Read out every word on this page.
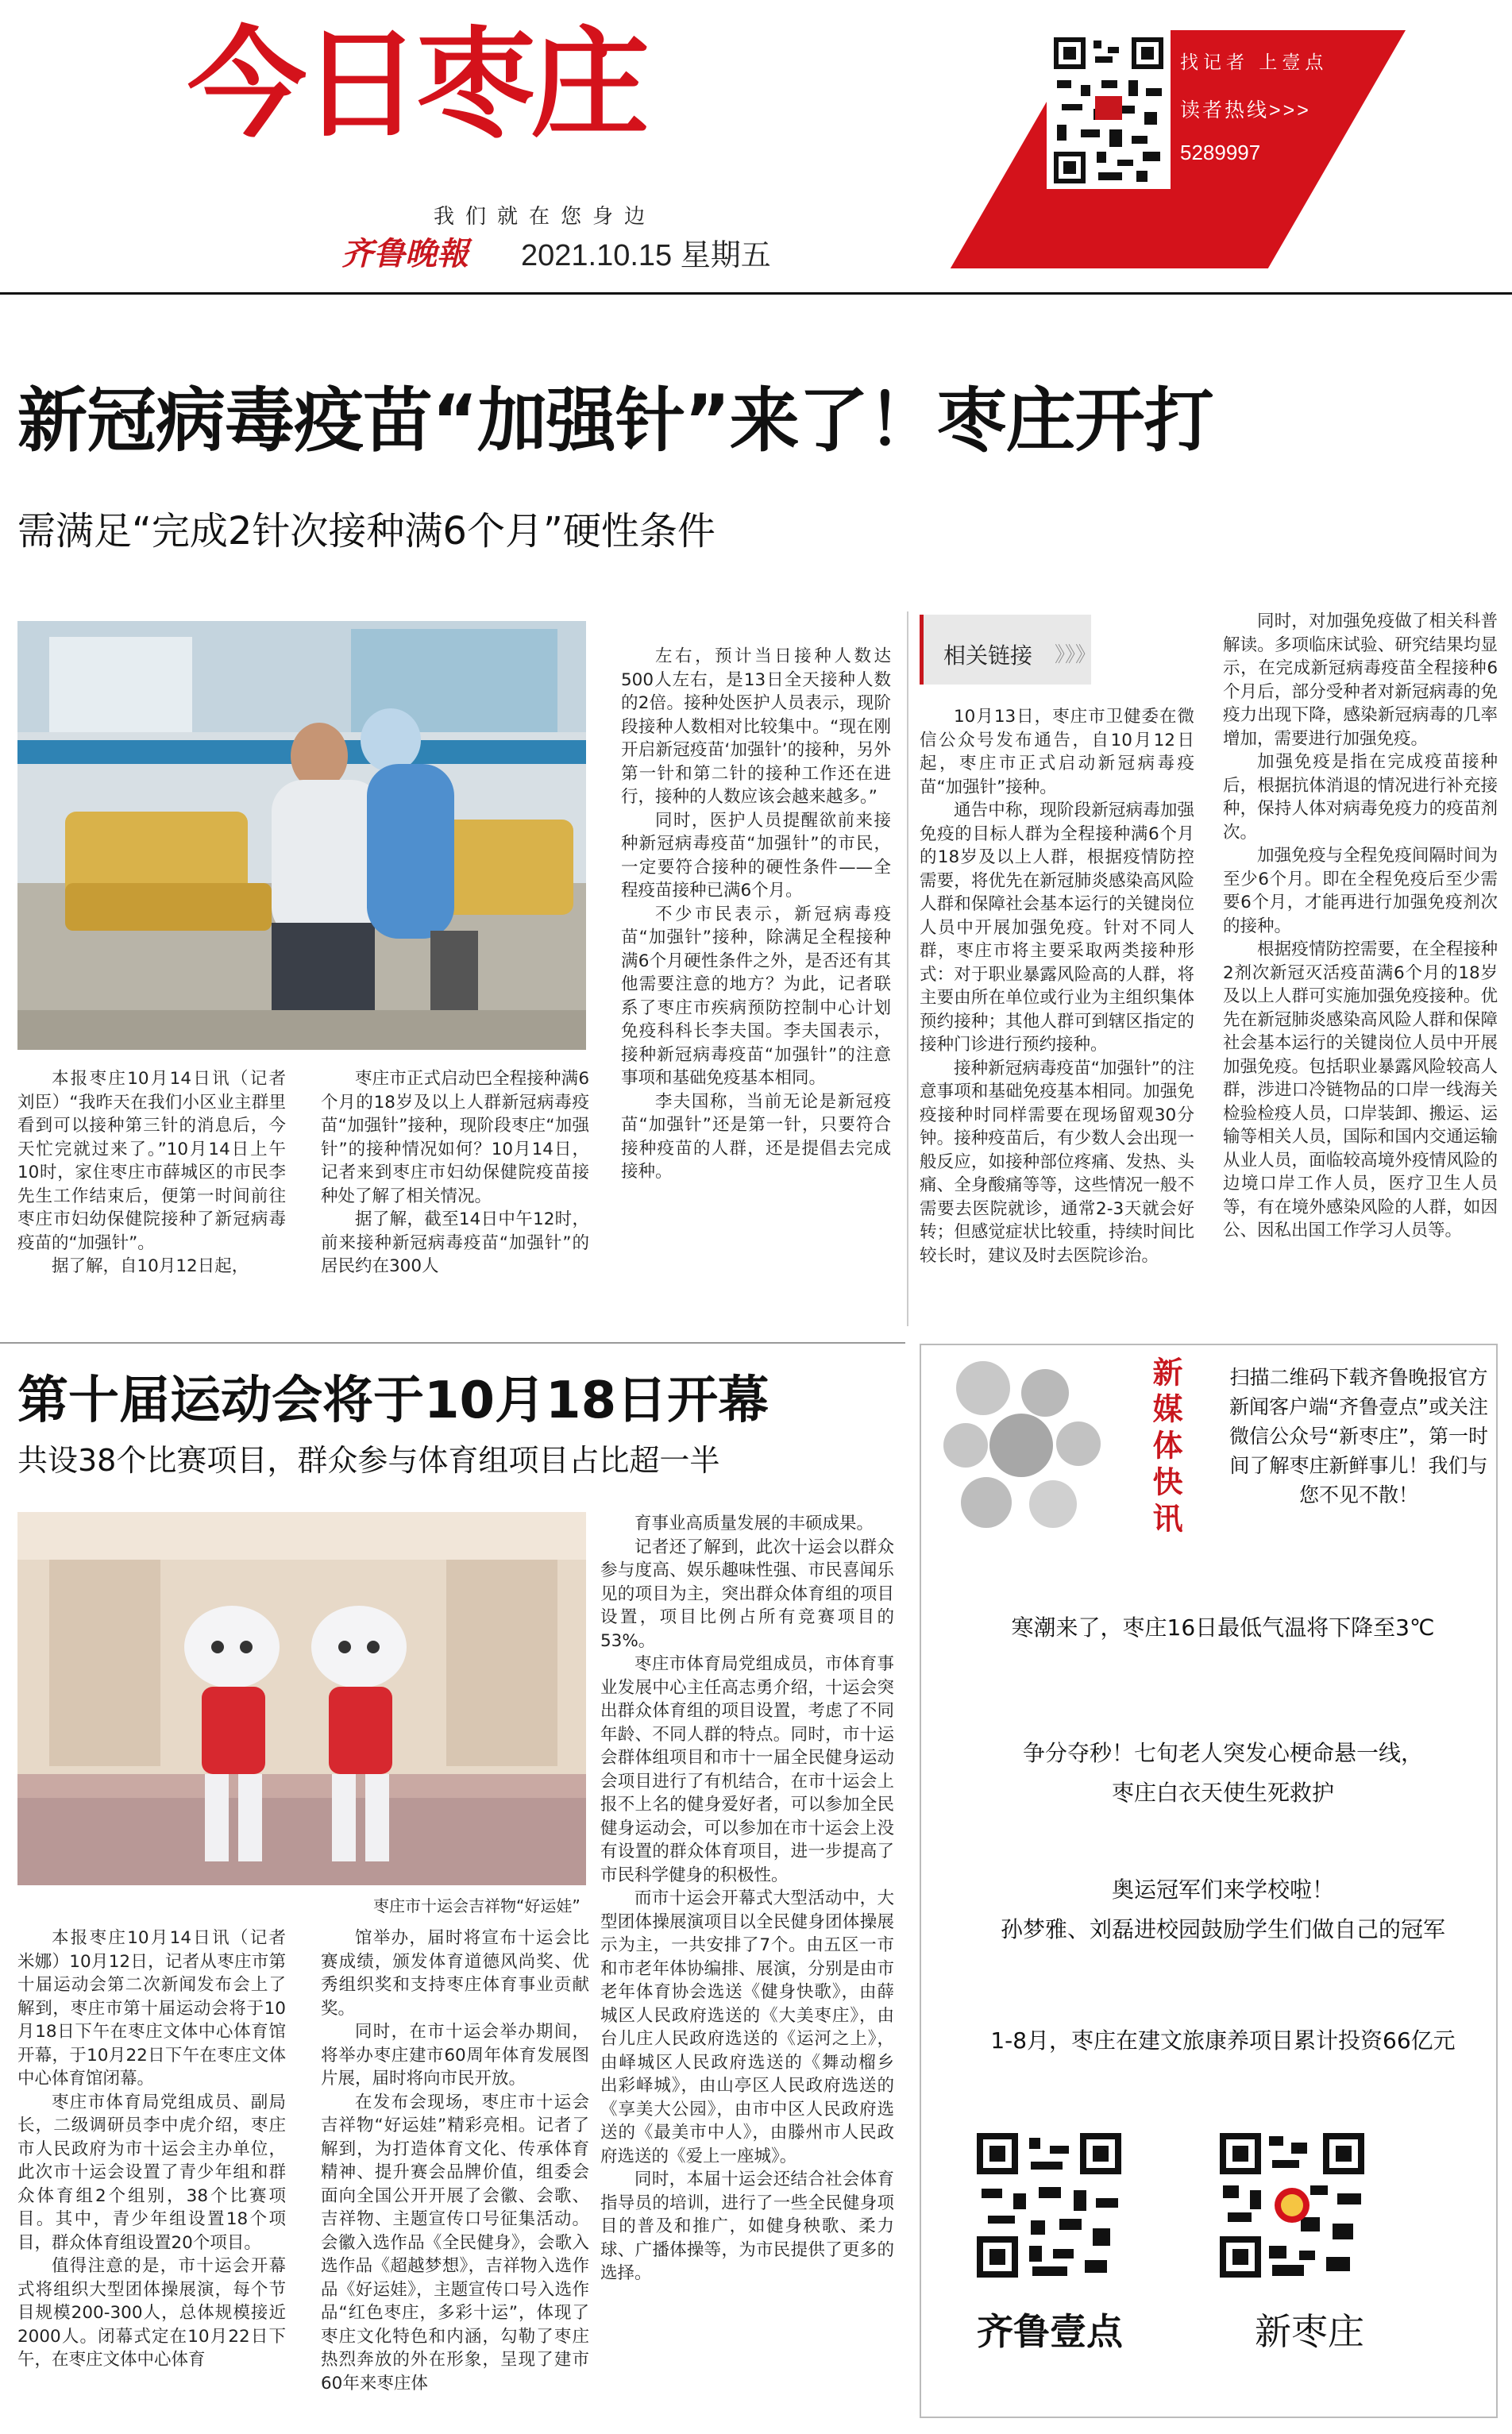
今日枣庄
我们就在您身边
齐鲁晚報 2021.10.15 星期五
找记者 上壹点
读者热线>>>
5289997
新冠病毒疫苗“加强针”来了！枣庄开打
需满足“完成2针次接种满6个月”硬性条件

本报枣庄10月14日讯（记者 刘臣）“我昨天在我们小区业主群里看到可以接种第三针的消息后，今天忙完就过来了。”10月14日上午10时，家住枣庄市薛城区的市民李先生工作结束后，便第一时间前往枣庄市妇幼保健院接种了新冠病毒疫苗的“加强针”。

据了解，自10月12日起，

枣庄市正式启动巴全程接种满6个月的18岁及以上人群新冠病毒疫苗“加强针”接种，现阶段枣庄“加强针”的接种情况如何？10月14日，记者来到枣庄市妇幼保健院疫苗接种处了解了相关情况。

据了解，截至14日中午12时，前来接种新冠病毒疫苗“加强针”的居民约在300人

左右，预计当日接种人数达500人左右，是13日全天接种人数的2倍。接种处医护人员表示，现阶段接种人数相对比较集中。“现在刚开启新冠疫苗‘加强针’的接种，另外第一针和第二针的接种工作还在进行，接种的人数应该会越来越多。”

同时，医护人员提醒欲前来接种新冠病毒疫苗“加强针”的市民，一定要符合接种的硬性条件——全程疫苗接种已满6个月。

不少市民表示，新冠病毒疫苗“加强针”接种，除满足全程接种满6个月硬性条件之外，是否还有其他需要注意的地方？为此，记者联系了枣庄市疾病预防控制中心计划免疫科科长李夫国。李夫国表示，接种新冠病毒疫苗“加强针”的注意事项和基础免疫基本相同。

李夫国称，当前无论是新冠疫苗“加强针”还是第一针，只要符合接种疫苗的人群，还是提倡去完成接种。

相关链接 》》》

10月13日，枣庄市卫健委在微信公众号发布通告，自10月12日起，枣庄市正式启动新冠病毒疫苗“加强针”接种。

通告中称，现阶段新冠病毒加强免疫的目标人群为全程接种满6个月的18岁及以上人群，根据疫情防控需要，将优先在新冠肺炎感染高风险人群和保障社会基本运行的关键岗位人员中开展加强免疫。针对不同人群，枣庄市将主要采取两类接种形式：对于职业暴露风险高的人群，将主要由所在单位或行业为主组织集体预约接种；其他人群可到辖区指定的接种门诊进行预约接种。

接种新冠病毒疫苗“加强针”的注意事项和基础免疫基本相同。加强免疫接种时同样需要在现场留观30分钟。接种疫苗后，有少数人会出现一般反应，如接种部位疼痛、发热、头痛、全身酸痛等等，这些情况一般不需要去医院就诊，通常2-3天就会好转；但感觉症状比较重，持续时间比较长时，建议及时去医院诊治。

同时，对加强免疫做了相关科普解读。多项临床试验、研究结果均显示，在完成新冠病毒疫苗全程接种6个月后，部分受种者对新冠病毒的免疫力出现下降，感染新冠病毒的几率增加，需要进行加强免疫。

加强免疫是指在完成疫苗接种后，根据抗体消退的情况进行补充接种，保持人体对病毒免疫力的疫苗剂次。

加强免疫与全程免疫间隔时间为至少6个月。即在全程免疫后至少需要6个月，才能再进行加强免疫剂次的接种。

根据疫情防控需要，在全程接种2剂次新冠灭活疫苗满6个月的18岁及以上人群可实施加强免疫接种。优先在新冠肺炎感染高风险人群和保障社会基本运行的关键岗位人员中开展加强免疫。包括职业暴露风险较高人群，涉进口冷链物品的口岸一线海关检验检疫人员，口岸装卸、搬运、运输等相关人员，国际和国内交通运输从业人员，面临较高境外疫情风险的边境口岸工作人员，医疗卫生人员等，有在境外感染风险的人群，如因公、因私出国工作学习人员等。

第十届运动会将于10月18日开幕
共设38个比赛项目，群众参与体育组项目占比超一半
枣庄市十运会吉祥物“好运娃”

本报枣庄10月14日讯（记者 米娜）10月12日，记者从枣庄市第十届运动会第二次新闻发布会上了解到，枣庄市第十届运动会将于10月18日下午在枣庄文体中心体育馆开幕，于10月22日下午在枣庄文体中心体育馆闭幕。

枣庄市体育局党组成员、副局长，二级调研员李中虎介绍，枣庄市人民政府为市十运会主办单位，此次市十运会设置了青少年组和群众体育组2个组别，38个比赛项目。其中，青少年组设置18个项目，群众体育组设置20个项目。

值得注意的是，市十运会开幕式将组织大型团体操展演，每个节目规模200-300人，总体规模接近2000人。闭幕式定在10月22日下午，在枣庄文体中心体育

馆举办，届时将宣布十运会比赛成绩，颁发体育道德风尚奖、优秀组织奖和支持枣庄体育事业贡献奖。

同时，在市十运会举办期间，将举办枣庄建市60周年体育发展图片展，届时将向市民开放。

在发布会现场，枣庄市十运会吉祥物“好运娃”精彩亮相。记者了解到，为打造体育文化、传承体育精神、提升赛会品牌价值，组委会面向全国公开开展了会徽、会歌、吉祥物、主题宣传口号征集活动。会徽入选作品《全民健身》，会歌入选作品《超越梦想》，吉祥物入选作品《好运娃》，主题宣传口号入选作品“红色枣庄，多彩十运”，体现了枣庄文化特色和内涵，勾勒了枣庄热烈奔放的外在形象，呈现了建市60年来枣庄体

育事业高质量发展的丰硕成果。

记者还了解到，此次十运会以群众参与度高、娱乐趣味性强、市民喜闻乐见的项目为主，突出群众体育组的项目设置，项目比例占所有竞赛项目的53%。

枣庄市体育局党组成员，市体育事业发展中心主任高志勇介绍，十运会突出群众体育组的项目设置，考虑了不同年龄、不同人群的特点。同时，市十运会群体组项目和市十一届全民健身运动会项目进行了有机结合，在市十运会上报不上名的健身爱好者，可以参加全民健身运动会，可以参加在市十运会上没有设置的群众体育项目，进一步提高了市民科学健身的积极性。

而市十运会开幕式大型活动中，大型团体操展演项目以全民健身团体操展示为主，一共安排了7个。由五区一市和市老年体协编排、展演，分别是由市老年体育协会选送《健身快歌》，由薛城区人民政府选送的《大美枣庄》，由台儿庄人民政府选送的《运河之上》，由峄城区人民政府选送的《舞动榴乡 出彩峄城》，由山亭区人民政府选送的《享美大公园》，由市中区人民政府选送的《最美市中人》，由滕州市人民政府选送的《爱上一座城》。

同时，本届十运会还结合社会体育指导员的培训，进行了一些全民健身项目的普及和推广，如健身秧歌、柔力球、广播体操等，为市民提供了更多的选择。

新媒体快讯 扫描二维码下载齐鲁晚报官方新闻客户端“齐鲁壹点”或关注微信公众号“新枣庄”，第一时间了解枣庄新鲜事儿！我们与您不见不散！
寒潮来了，枣庄16日最低气温将下降至3℃
争分夺秒！七旬老人突发心梗命悬一线，
枣庄白衣天使生死救护
奥运冠军们来学校啦！
孙梦雅、刘磊进校园鼓励学生们做自己的冠军
1-8月，枣庄在建文旅康养项目累计投资66亿元
齐鲁壹点	新枣庄
